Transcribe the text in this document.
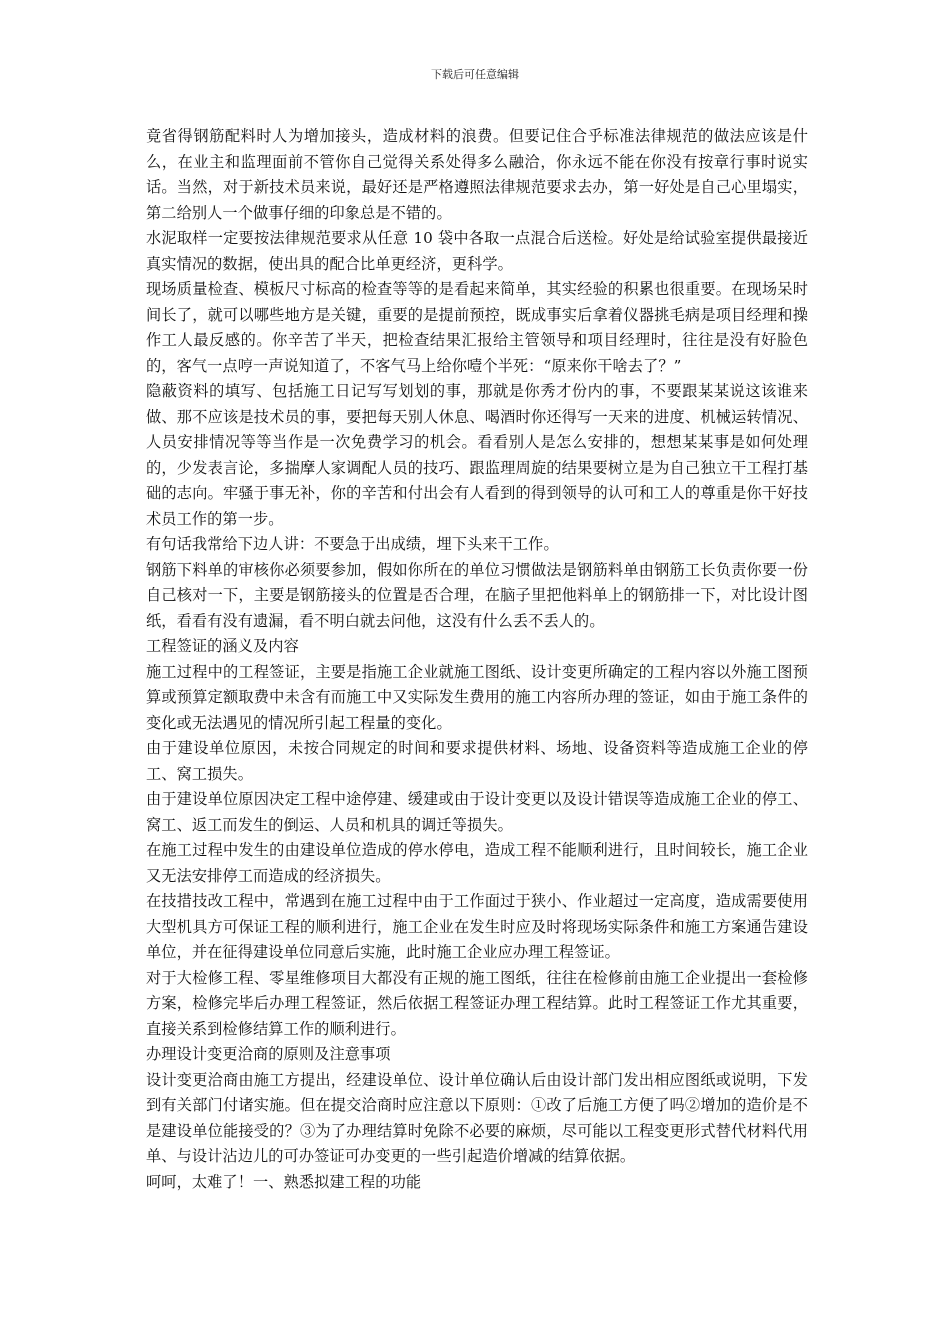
下载后可任意编辑

竟省得钢筋配料时人为增加接头，造成材料的浪费。但要记住合乎标准法律规范的做法应该是什么，在业主和监理面前不管你自己觉得关系处得多么融洽，你永远不能在你没有按章行事时说实话。当然，对于新技术员来说，最好还是严格遵照法律规范要求去办，第一好处是自己心里塌实，第二给别人一个做事仔细的印象总是不错的。

水泥取样一定要按法律规范要求从任意 10 袋中各取一点混合后送检。好处是给试验室提供最接近真实情况的数据，使出具的配合比单更经济，更科学。

现场质量检查、模板尺寸标高的检查等等的是看起来简单，其实经验的积累也很重要。在现场呆时间长了，就可以哪些地方是关键，重要的是提前预控，既成事实后拿着仪器挑毛病是项目经理和操作工人最反感的。你辛苦了半天，把检查结果汇报给主管领导和项目经理时，往往是没有好脸色的，客气一点哼一声说知道了，不客气马上给你噎个半死：“原来你干啥去了？”

隐蔽资料的填写、包括施工日记写写划划的事，那就是你秀才份内的事，不要跟某某说这该谁来做、那不应该是技术员的事，要把每天别人休息、喝酒时你还得写一天来的进度、机械运转情况、人员安排情况等等当作是一次免费学习的机会。看看别人是怎么安排的，想想某某事是如何处理的，少发表言论，多揣摩人家调配人员的技巧、跟监理周旋的结果要树立是为自己独立干工程打基础的志向。牢骚于事无补，你的辛苦和付出会有人看到的得到领导的认可和工人的尊重是你干好技术员工作的第一步。

有句话我常给下边人讲：不要急于出成绩，埋下头来干工作。

钢筋下料单的审核你必须要参加，假如你所在的单位习惯做法是钢筋料单由钢筋工长负责你要一份自己核对一下，主要是钢筋接头的位置是否合理，在脑子里把他料单上的钢筋排一下，对比设计图纸，看看有没有遗漏，看不明白就去问他，这没有什么丢不丢人的。

工程签证的涵义及内容

施工过程中的工程签证，主要是指施工企业就施工图纸、设计变更所确定的工程内容以外施工图预算或预算定额取费中未含有而施工中又实际发生费用的施工内容所办理的签证，如由于施工条件的变化或无法遇见的情况所引起工程量的变化。

由于建设单位原因，未按合同规定的时间和要求提供材料、场地、设备资料等造成施工企业的停工、窝工损失。

由于建设单位原因决定工程中途停建、缓建或由于设计变更以及设计错误等造成施工企业的停工、窝工、返工而发生的倒运、人员和机具的调迁等损失。

在施工过程中发生的由建设单位造成的停水停电，造成工程不能顺利进行，且时间较长，施工企业又无法安排停工而造成的经济损失。

在技措技改工程中，常遇到在施工过程中由于工作面过于狭小、作业超过一定高度，造成需要使用大型机具方可保证工程的顺利进行，施工企业在发生时应及时将现场实际条件和施工方案通告建设单位，并在征得建设单位同意后实施，此时施工企业应办理工程签证。

对于大检修工程、零星维修项目大都没有正规的施工图纸，往往在检修前由施工企业提出一套检修方案，检修完毕后办理工程签证，然后依据工程签证办理工程结算。此时工程签证工作尤其重要，直接关系到检修结算工作的顺利进行。

办理设计变更洽商的原则及注意事项

设计变更洽商由施工方提出，经建设单位、设计单位确认后由设计部门发出相应图纸或说明，下发到有关部门付诸实施。但在提交洽商时应注意以下原则：①改了后施工方便了吗②增加的造价是不是建设单位能接受的？③为了办理结算时免除不必要的麻烦，尽可能以工程变更形式替代材料代用单、与设计沾边儿的可办签证可办变更的一些引起造价增减的结算依据。

呵呵，太难了！一、熟悉拟建工程的功能
